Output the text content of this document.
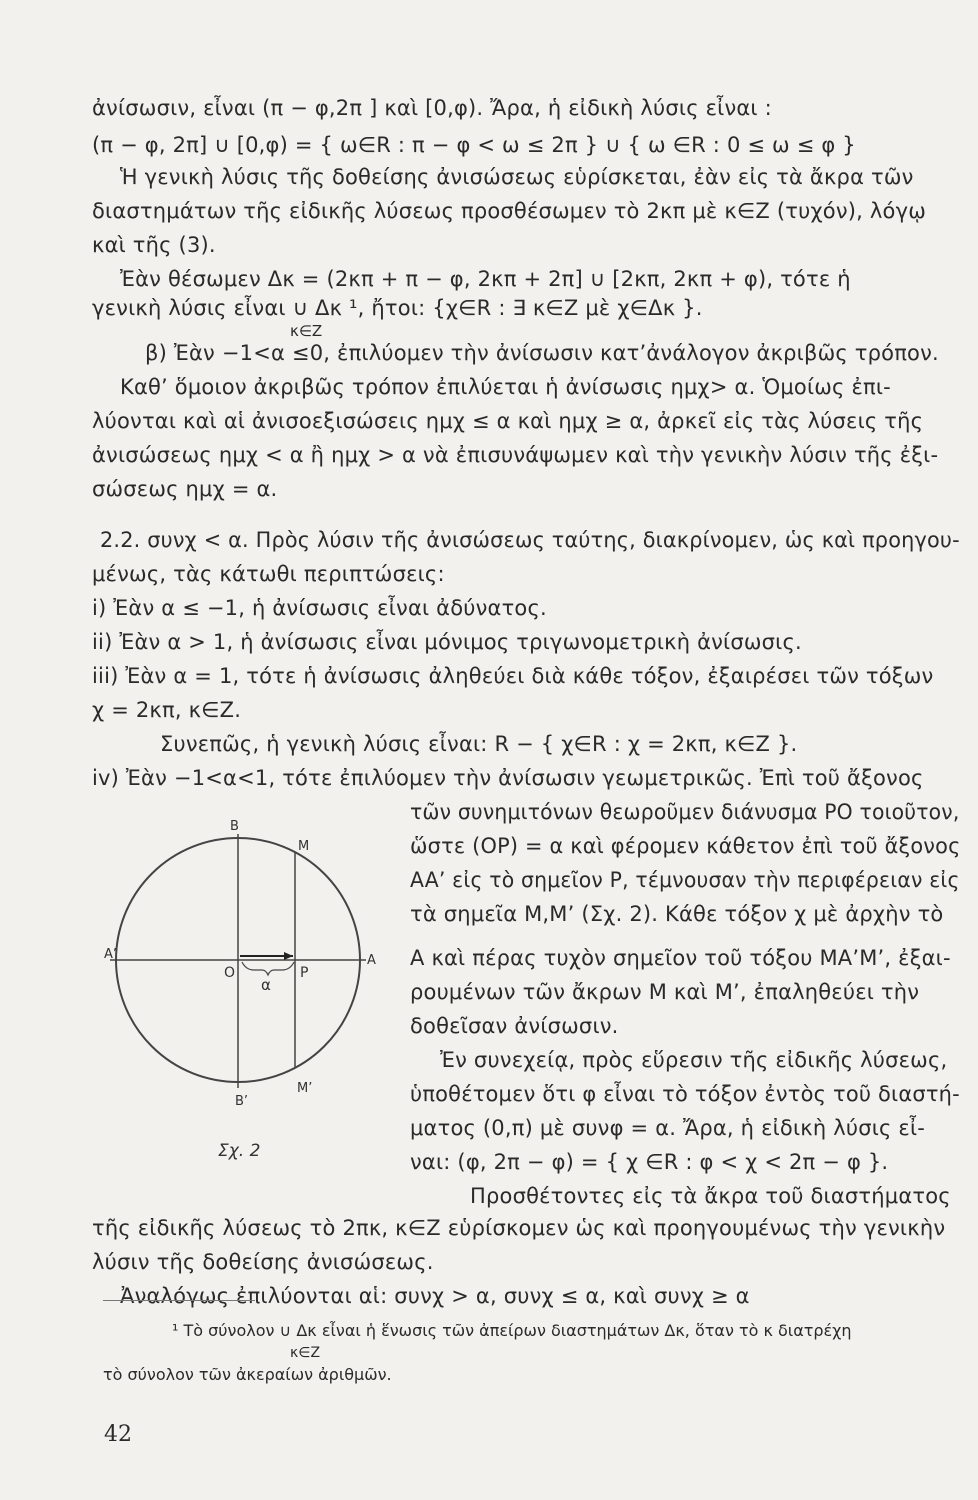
ἀνίσωσιν, εἶναι (π − φ,2π ] καὶ [0,φ). Ἄρα, ἡ εἰδικὴ λύσις εἶναι :
(π − φ, 2π] ∪ [0,φ) = { ω∈R : π − φ < ω ≤ 2π } ∪ { ω ∈R : 0 ≤ ω ≤ φ }
Ἡ γενικὴ λύσις τῆς δοθείσης ἀνισώσεως εὑρίσκεται, ἐὰν εἰς τὰ ἄκρα τῶν
διαστημάτων τῆς εἰδικῆς λύσεως προσθέσωμεν τὸ 2κπ μὲ κ∈Z (τυχόν), λόγῳ
καὶ τῆς (3).
Ἐὰν θέσωμεν Δκ = (2κπ + π − φ, 2κπ + 2π] ∪ [2κπ, 2κπ + φ), τότε ἡ
γενικὴ λύσις εἶναι ∪ Δκ ¹, ἤτοι: {χ∈R : ∃ κ∈Z μὲ χ∈Δκ }.
κ∈Z
β) Ἐὰν −1<α ≤0, ἐπιλύομεν τὴν ἀνίσωσιν κατ’ἀνάλογον ἀκριβῶς τρόπον.
Καθ’ ὅμοιον ἀκριβῶς τρόπον ἐπιλύεται ἡ ἀνίσωσις ημχ> α. Ὁμοίως ἐπι-
λύονται καὶ αἱ ἀνισοεξισώσεις ημχ ≤ α καὶ ημχ ≥ α, ἀρκεῖ εἰς τὰς λύσεις τῆς
ἀνισώσεως ημχ < α ἢ ημχ > α νὰ ἐπισυνάψωμεν καὶ τὴν γενικὴν λύσιν τῆς ἐξι-
σώσεως ημχ = α.
2.2. συνχ < α. Πρὸς λύσιν τῆς ἀνισώσεως ταύτης, διακρίνομεν, ὡς καὶ προηγου-
μένως, τὰς κάτωθι περιπτώσεις:
i) Ἐὰν α ≤ −1, ἡ ἀνίσωσις εἶναι ἀδύνατος.
ii) Ἐὰν α > 1, ἡ ἀνίσωσις εἶναι μόνιμος τριγωνομετρικὴ ἀνίσωσις.
iii) Ἐὰν α = 1, τότε ἡ ἀνίσωσις ἀληθεύει διὰ κάθε τόξον, ἐξαιρέσει τῶν τόξων
χ = 2κπ, κ∈Z.
Συνεπῶς, ἡ γενικὴ λύσις εἶναι: R − { χ∈R : χ = 2κπ, κ∈Z }.
iv) Ἐὰν −1<α<1, τότε ἐπιλύομεν τὴν ἀνίσωσιν γεωμετρικῶς. Ἐπὶ τοῦ ἄξονος
τῶν συνημιτόνων θεωροῦμεν διάνυσμα PO τοιοῦτον,
ὥστε (OP) = α καὶ φέρομεν κάθετον ἐπὶ τοῦ ἄξονος
AA’ εἰς τὸ σημεῖον P, τέμνουσαν τὴν περιφέρειαν εἰς
τὰ σημεῖα M,M’ (Σχ. 2). Κάθε τόξον χ μὲ ἀρχὴν τὸ
A καὶ πέρας τυχὸν σημεῖον τοῦ τόξου MA’M’, ἐξαι-
ρουμένων τῶν ἄκρων M καὶ M’, ἐπαληθεύει τὴν
δοθεῖσαν ἀνίσωσιν.
Ἐν συνεχείᾳ, πρὸς εὕρεσιν τῆς εἰδικῆς λύσεως,
ὑποθέτομεν ὅτι φ εἶναι τὸ τόξον ἐντὸς τοῦ διαστή-
ματος (0,π) μὲ συνφ = α. Ἄρα, ἡ εἰδικὴ λύσις εἶ-
ναι: (φ, 2π − φ) = { χ ∈R : φ < χ < 2π − φ }.
Προσθέτοντες εἰς τὰ ἄκρα τοῦ διαστήματος
τῆς εἰδικῆς λύσεως τὸ 2πκ, κ∈Z εὑρίσκομεν ὡς καὶ προηγουμένως τὴν γενικὴν
λύσιν τῆς δοθείσης ἀνισώσεως.
Ἀναλόγως ἐπιλύονται αἱ: συνχ > α, συνχ ≤ α, καὶ συνχ ≥ α
B
M
A’
O
α
P
A
B’
M’
Σχ. 2
¹ Τὸ σύνολον ∪ Δκ εἶναι ἡ ἕνωσις τῶν ἀπείρων διαστημάτων Δκ, ὅταν τὸ κ διατρέχη
κ∈Z
τὸ σύνολον τῶν ἀκεραίων ἀριθμῶν.
42
